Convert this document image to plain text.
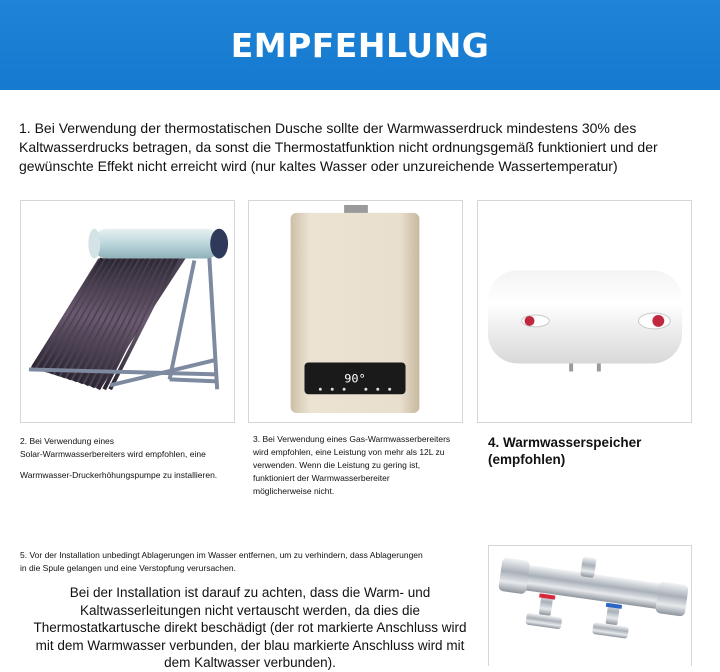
EMPFEHLUNG
1. Bei Verwendung der thermostatischen Dusche sollte der Warmwasserdruck mindestens 30% des Kaltwasserdrucks betragen, da sonst die Thermostatfunktion nicht ordnungsgemäß funktioniert und der gewünschte Effekt nicht erreicht wird (nur kaltes Wasser oder unzureichende Wassertemperatur)
90°
2. Bei Verwendung eines
Solar-Warmwasserbereiters wird empfohlen, eine
Warmwasser-Druckerhöhungspumpe zu installieren.
3. Bei Verwendung eines Gas-Warmwasserbereiters
wird empfohlen, eine Leistung von mehr als 12L zu
verwenden. Wenn die Leistung zu gering ist,
funktioniert der Warmwasserbereiter
möglicherweise nicht.
4. Warmwasserspeicher
(empfohlen)
5. Vor der Installation unbedingt Ablagerungen im Wasser entfernen, um zu verhindern, dass Ablagerungen
in die Spule gelangen und eine Verstopfung verursachen.
Bei der Installation ist darauf zu achten, dass die Warm- und
Kaltwasserleitungen nicht vertauscht werden, da dies die
Thermostatkartusche direkt beschädigt (der rot markierte Anschluss wird
mit dem Warmwasser verbunden, der blau markierte Anschluss wird mit
dem Kaltwasser verbunden).
